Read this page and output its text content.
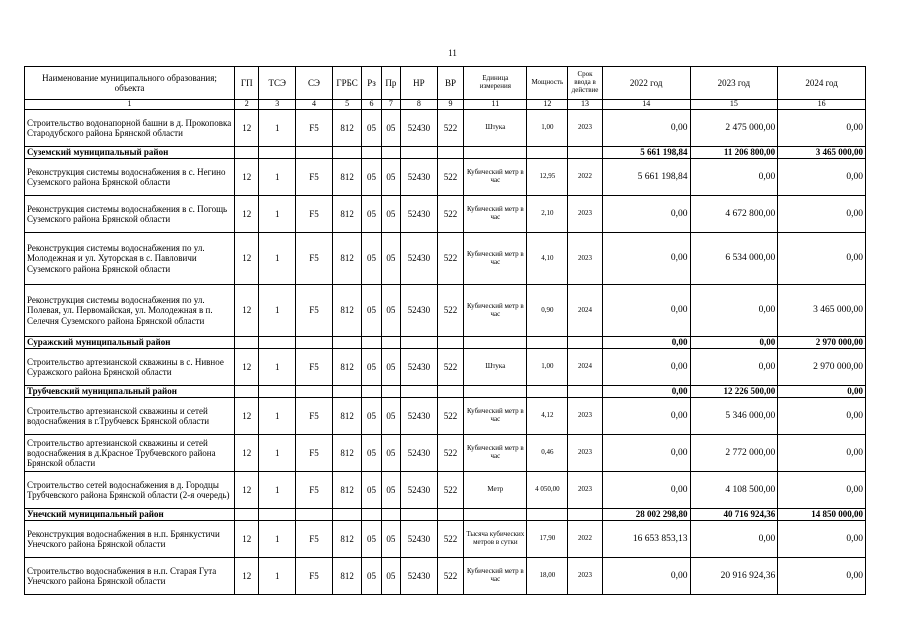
11
Наименование муниципального образования; объекта	ГП	ТСЭ	СЭ	ГРБС	Рз	Пр	НР	ВР	Единица измерения	Мощность	Срок ввода в действие	2022 год	2023 год	2024 год
1	2	3	4	5	6	7	8	9	11	12	13	14	15	16
Строительство водонапорной башни в д. Прокоповка Стародубского района Брянской области	12	1	F5	812	05	05	52430	522	Штука	1,00	2023	0,00	2 475 000,00	0,00
Суземский муниципальный район												5 661 198,84	11 206 800,00	3 465 000,00
Реконструкция системы водоснабжения в с. Негино Суземского района Брянской области	12	1	F5	812	05	05	52430	522	Кубический метр в час	12,95	2022	5 661 198,84	0,00	0,00
Реконструкция системы водоснабжения в с. Погощь Суземского района Брянской области	12	1	F5	812	05	05	52430	522	Кубический метр в час	2,10	2023	0,00	4 672 800,00	0,00
Реконструкция системы водоснабжения по ул. Молодежная и ул. Хуторская в с. Павловичи Суземского района Брянской области	12	1	F5	812	05	05	52430	522	Кубический метр в час	4,10	2023	0,00	6 534 000,00	0,00
Реконструкция системы водоснабжения по ул. Полевая, ул. Первомайская, ул. Молодежная в п. Селечня Суземского района Брянской области	12	1	F5	812	05	05	52430	522	Кубический метр в час	0,90	2024	0,00	0,00	3 465 000,00
Суражский муниципальный район												0,00	0,00	2 970 000,00
Строительство артезианской скважины в с. Нивное Суражского района Брянской области	12	1	F5	812	05	05	52430	522	Штука	1,00	2024	0,00	0,00	2 970 000,00
Трубчевский муниципальный район												0,00	12 226 500,00	0,00
Строительство артезианской скважины и сетей водоснабжения в г.Трубчевск Брянской области	12	1	F5	812	05	05	52430	522	Кубический метр в час	4,12	2023	0,00	5 346 000,00	0,00
Строительство артезианской скважины и сетей водоснабжения в д.Красное Трубчевского района Брянской области	12	1	F5	812	05	05	52430	522	Кубический метр в час	0,46	2023	0,00	2 772 000,00	0,00
Строительство сетей водоснабжения в д. Городцы Трубчевского района Брянской области (2-я очередь)	12	1	F5	812	05	05	52430	522	Метр	4 050,00	2023	0,00	4 108 500,00	0,00
Унечский муниципальный район												28 002 298,80	40 716 924,36	14 850 000,00
Реконструкция водоснабжения в н.п. Брянкустичи Унечского района Брянской области	12	1	F5	812	05	05	52430	522	Тысяча кубических метров в сутки	17,90	2022	16 653 853,13	0,00	0,00
Строительство водоснабжения в н.п. Старая Гута Унечского района Брянской области	12	1	F5	812	05	05	52430	522	Кубический метр в час	18,00	2023	0,00	20 916 924,36	0,00
